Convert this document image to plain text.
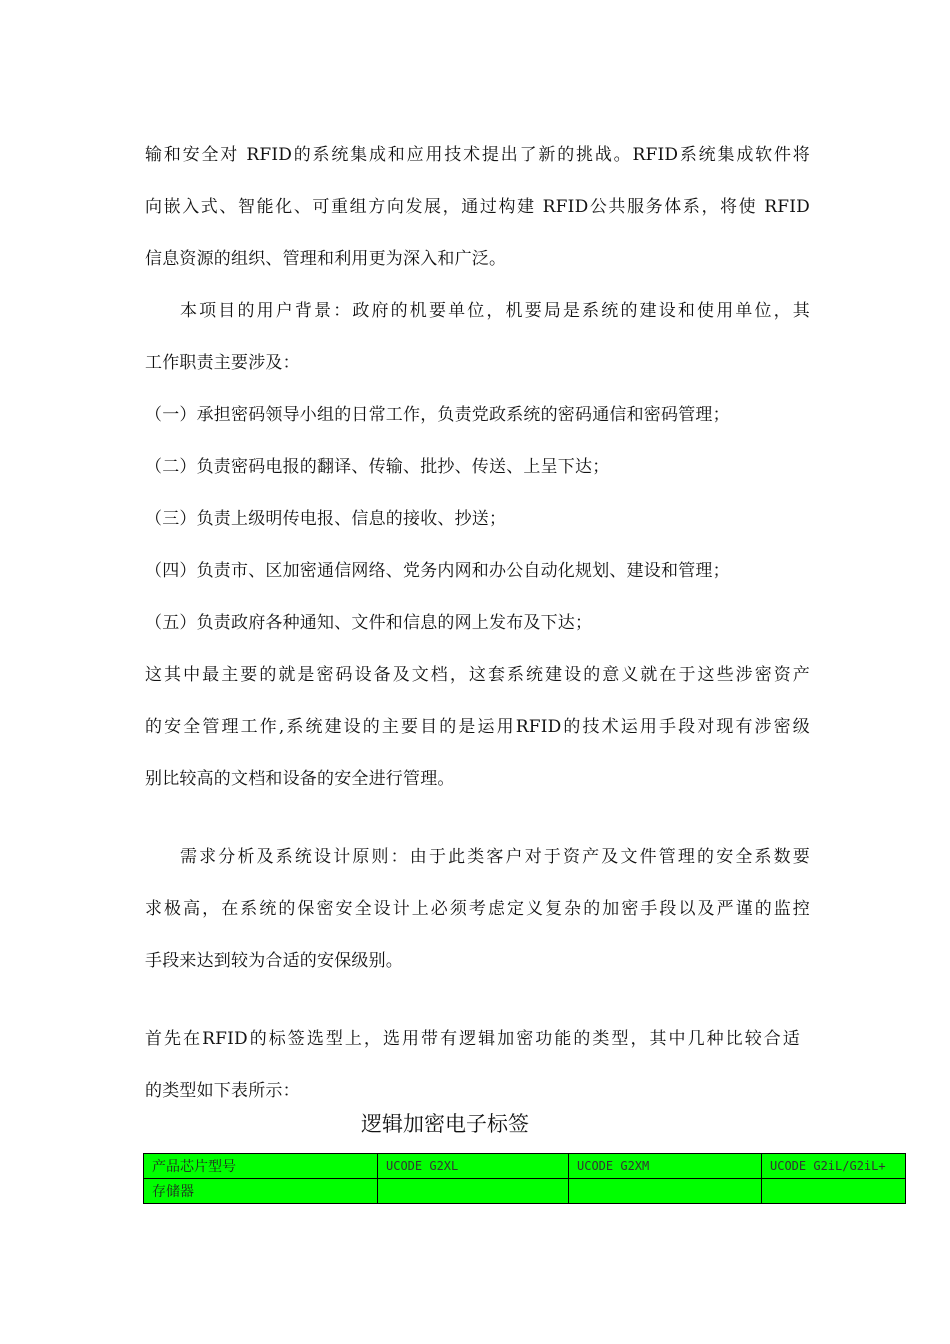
输和安全对 RFID的系统集成和应用技术提出了新的挑战。RFID系统集成软件将
向嵌入式、智能化、可重组方向发展，通过构建 RFID公共服务体系，将使 RFID
信息资源的组织、管理和利用更为深入和广泛。
本项目的用户背景：政府的机要单位，机要局是系统的建设和使用单位，其
工作职责主要涉及：
（一）承担密码领导小组的日常工作，负责党政系统的密码通信和密码管理；
（二）负责密码电报的翻译、传输、批抄、传送、上呈下达；
（三）负责上级明传电报、信息的接收、抄送；
（四）负责市、区加密通信网络、党务内网和办公自动化规划、建设和管理；
（五）负责政府各种通知、文件和信息的网上发布及下达；
这其中最主要的就是密码设备及文档，这套系统建设的意义就在于这些涉密资产
的安全管理工作,系统建设的主要目的是运用RFID的技术运用手段对现有涉密级
别比较高的文档和设备的安全进行管理。
需求分析及系统设计原则：由于此类客户对于资产及文件管理的安全系数要
求极高，在系统的保密安全设计上必须考虑定义复杂的加密手段以及严谨的监控
手段来达到较为合适的安保级别。
首先在RFID的标签选型上，选用带有逻辑加密功能的类型，其中几种比较合适
的类型如下表所示：
逻辑加密电子标签
产品芯片型号	UCODE G2XL	UCODE G2XM	UCODE G2iL/G2iL+
存储器			
